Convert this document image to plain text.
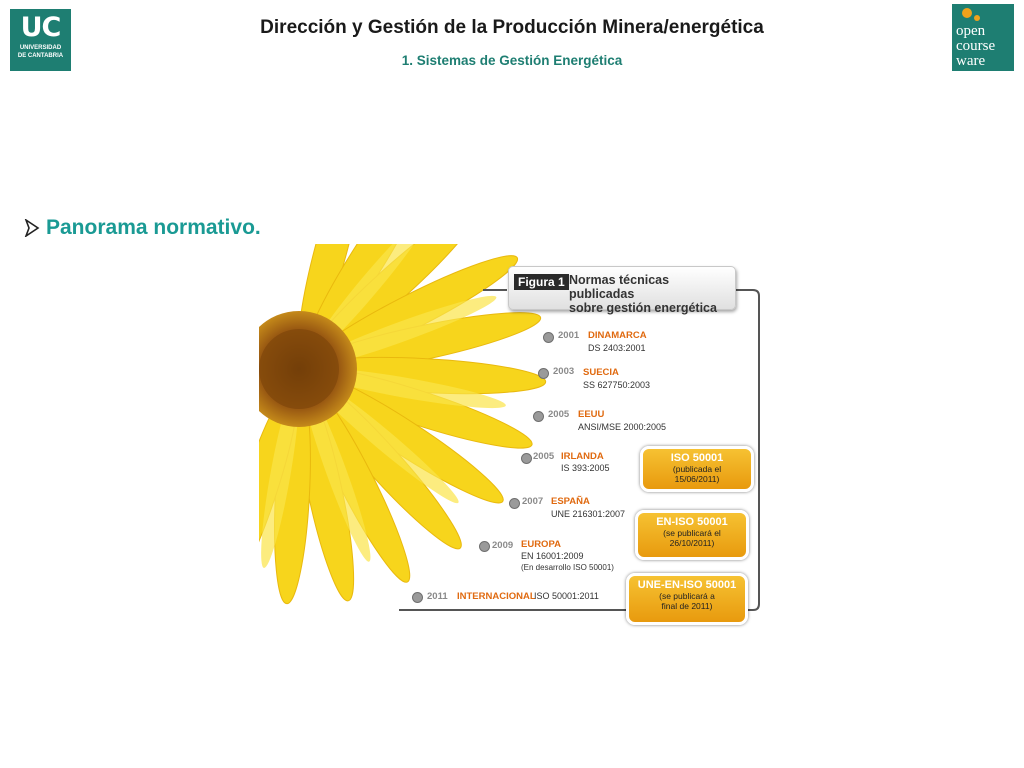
UC
UNIVERSIDAD
DE CANTABRIA
Dirección y Gestión de la Producción Minera/energética
1. Sistemas de Gestión Energética
open
course
ware
Panorama normativo.
Figura 1 Normas técnicas publicadas
sobre gestión energética
2001 DINAMARCA
DS 2403:2001
2003 SUECIA
SS 627750:2003
2005 EEUU
ANSI/MSE 2000:2005
2005 IRLANDA
IS 393:2005
2007 ESPAÑA
UNE 216301:2007
2009 EUROPA
EN 16001:2009
(En desarrollo ISO 50001)
2011 INTERNACIONAL
ISO 50001:2011
ISO 50001
(publicada el
15/06/2011)
EN-ISO 50001
(se publicará el
26/10/2011)
UNE-EN-ISO 50001
(se publicará a
final de 2011)
